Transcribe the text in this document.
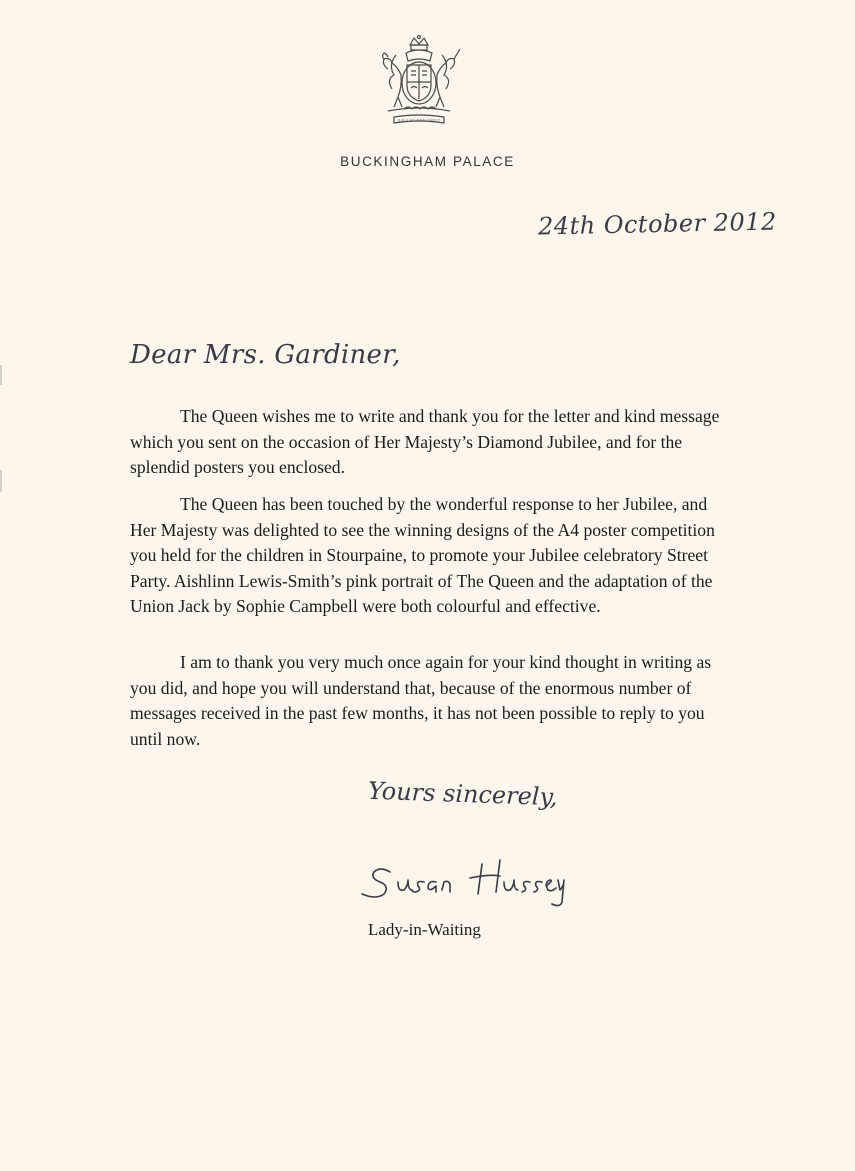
DIEU ET MON DROIT
BUCKINGHAM PALACE
24th October 2012
Dear Mrs. Gardiner,

The Queen wishes me to write and thank you for the letter and kind message which you sent on the occasion of Her Majesty’s Diamond Jubilee, and for the splendid posters you enclosed.

The Queen has been touched by the wonderful response to her Jubilee, and Her Majesty was delighted to see the winning designs of the A4 poster competition you held for the children in Stourpaine, to promote your Jubilee celebratory Street Party. Aishlinn Lewis-Smith’s pink portrait of The Queen and the adaptation of the Union Jack by Sophie Campbell were both colourful and effective.

I am to thank you very much once again for your kind thought in writing as you did, and hope you will understand that, because of the enormous number of messages received in the past few months, it has not been possible to reply to you until now.

Yours sincerely,
Lady-in-Waiting
